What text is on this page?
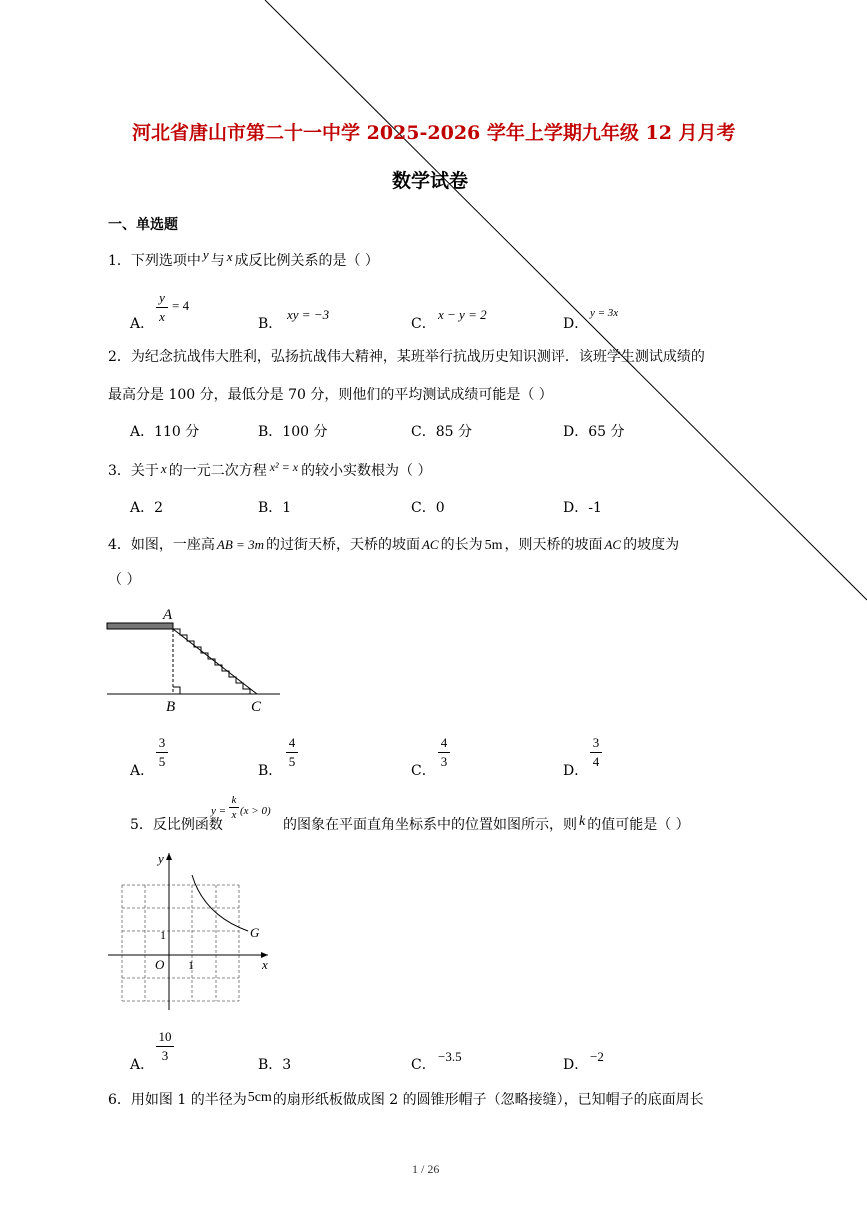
河北省唐山市第二十一中学 2025-2026 学年上学期九年级 12 月月考
数学试卷
一、单选题
1．下列选项中 y 与 x 成反比例关系的是（ ）
A．
y
x
= 4
B．
xy = −3
C．
x − y = 2
D．
y = 3x
2．为纪念抗战伟大胜利，弘扬抗战伟大精神，某班举行抗战历史知识测评．该班学生测试成绩的
最高分是 100 分，最低分是 70 分，则他们的平均测试成绩可能是（ ）
A．110 分	B．100 分	C．85 分	D．65 分
3．关于 x 的一元二次方程 x² = x 的较小实数根为（ ）
A．2	B．1	C．0	D．-1
4．如图，一座高 AB = 3m 的过街天桥，天桥的坡面 AC 的长为 5m ，则天桥的坡面 AC 的坡度为
（ ）
A
B	C
A．
3
5
B．
4
5
C．
4
3
D．
3
4
5．反比例函数
y =
k
x (x > 0)
的图象在平面直角坐标系中的位置如图所示，则 k 的值可能是（ ）
y
x
O
1
1
G
A．
10
3
B．3	C．
−3.5
D．
−2
6．用如图 1 的半径为5cm的扇形纸板做成图 2 的圆锥形帽子（忽略接缝），已知帽子的底面周长
1 / 26
